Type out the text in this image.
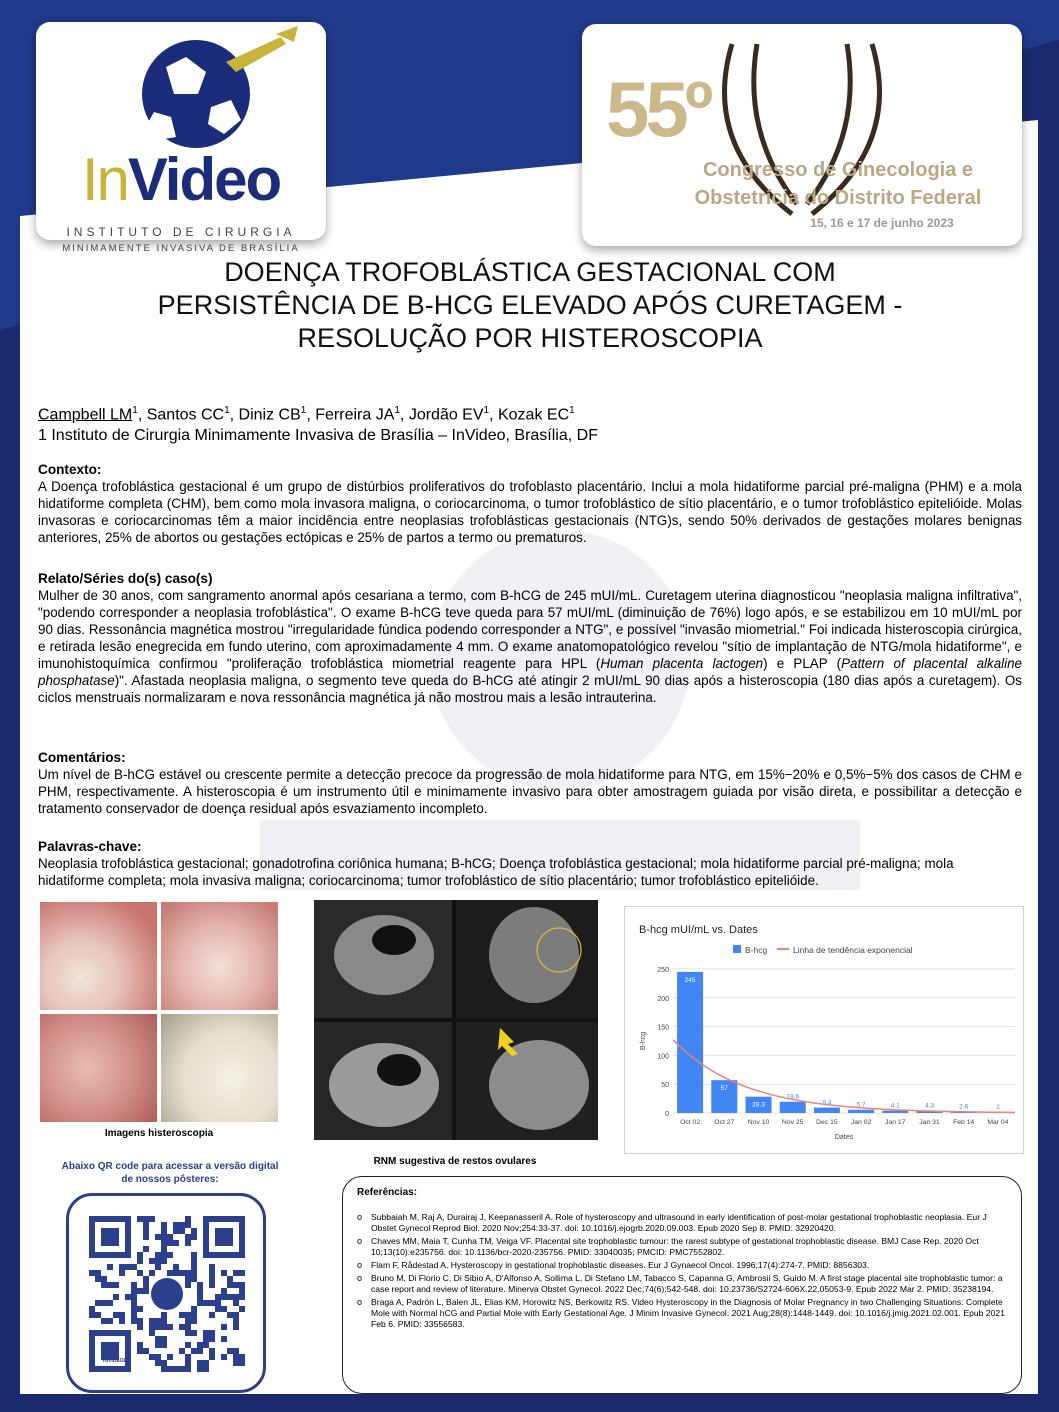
InVideo
INSTITUTO DE CIRURGIA
MINIMAMENTE INVASIVA DE BRASÍLIA
55º
Congresso de Ginecologia e
Obstetrícia do Distrito Federal
15, 16 e 17 de junho 2023
DOENÇA TROFOBLÁSTICA GESTACIONAL COM
PERSISTÊNCIA DE B-HCG ELEVADO APÓS CURETAGEM -
RESOLUÇÃO POR HISTEROSCOPIA
Campbell $LM^1$, Santos $CC^1$, Diniz $CB^1$, Ferreira $JA^1$, Jordão $EV^1$, Kozak $EC^1$
1 Instituto de Cirurgia Minimamente Invasiva de Brasília – InVideo, Brasília, DF
Contexto:

A Doença trofoblástica gestacional é um grupo de distúrbios proliferativos do trofoblasto placentário. Inclui a mola hidatiforme parcial pré-maligna (PHM) e a mola hidatiforme completa (CHM), bem como mola invasora maligna, o coriocarcinoma, o tumor trofoblástico de sítio placentário, e o tumor trofoblástico epitelióide. Molas invasoras e coriocarcinomas têm a maior incidência entre neoplasias trofoblásticas gestacionais (NTG)s, sendo 50% derivados de gestações molares benignas anteriores, 25% de abortos ou gestações ectópicas e 25% de partos a termo ou prematuros.

Relato/Séries do(s) caso(s)

Mulher de 30 anos, com sangramento anormal após cesariana a termo, com B-hCG de 245 mUI/mL. Curetagem uterina diagnosticou "neoplasia maligna infiltrativa", "podendo corresponder a neoplasia trofoblástica". O exame B-hCG teve queda para 57 mUI/mL (diminuição de 76%) logo após, e se estabilizou em 10 mUI/mL por 90 dias. Ressonância magnética mostrou "irregularidade fúndica podendo corresponder a NTG", e possível "invasão miometrial." Foi indicada histeroscopia cirúrgica, e retirada lesão enegrecida em fundo uterino, com aproximadamente 4 mm. O exame anatomopatológico revelou "sítio de implantação de NTG/mola hidatiforme", e imunohistoquímica confirmou "proliferação trofoblástica miometrial reagente para HPL (Human placenta lactogen) e PLAP (Pattern of placental alkaline phosphatase)". Afastada neoplasia maligna, o segmento teve queda do B-hCG até atingir 2 mUI/mL 90 dias após a histeroscopia (180 dias após a curetagem). Os ciclos menstruais normalizaram e nova ressonância magnética já não mostrou mais a lesão intrauterina.

Comentários:

Um nível de B-hCG estável ou crescente permite a detecção precoce da progressão de mola hidatiforme para NTG, em 15%−20% e 0,5%−5% dos casos de CHM e PHM, respectivamente. A histeroscopia é um instrumento útil e minimamente invasivo para obter amostragem guiada por visão direta, e possibilitar a detecção e tratamento conservador de doença residual após esvaziamento incompleto.

Palavras-chave:

Neoplasia trofoblástica gestacional; gonadotrofina coriônica humana; B-hCG; Doença trofoblástica gestacional; mola hidatiforme parcial pré-maligna; mola hidatiforme completa; mola invasiva maligna; coriocarcinoma; tumor trofoblástico de sítio placentário; tumor trofoblástico epitelióide.

Imagens histeroscopia
RNM sugestiva de restos ovulares
B-hcg mUI/mL vs. Dates
B-hcg	Linha de tendência exponencial
0
50
100
150
200
250
B-hcg
245
Oct 02
57
Oct 27
28.3
Nov 10
19.6
Nov 25
9.4
Dec 15
5.7
Jan 02
4.1
Jan 17
4.3
Jan 31
2.6
Feb 14
2
Mar 04
Dates
Abaixo QR code para acessar a versão digital de nossos pôsteres:
INVIDEODF
Referências:
o Subbaiah M, Raj A, Durairaj J, Keepanasseril A. Role of hysteroscopy and ultrasound in early identification of post-molar gestational trophoblastic neoplasia. Eur J Obstet Gynecol Reprod Biol. 2020 Nov;254:33-37. doi: 10.1016/j.ejogrb.2020.09.003. Epub 2020 Sep 8. PMID: 32920420.
o Chaves MM, Maia T, Cunha TM, Veiga VF. Placental site trophoblastic tumour: the rarest subtype of gestational trophoblastic disease. BMJ Case Rep. 2020 Oct 10;13(10):e235756. doi: 10.1136/bcr-2020-235756. PMID: 33040035; PMCID: PMC7552802.
o Flam F, Rådestad A. Hysteroscopy in gestational trophoblastic diseases. Eur J Gynaecol Oncol. 1996;17(4):274-7. PMID: 8856303.
o Bruno M, Di Florio C, Di Sibio A, D'Alfonso A, Sollima L, Di Stefano LM, Tabacco S, Capanna G, Ambrosii S, Guido M. A first stage placental site trophoblastic tumor: a case report and review of literature. Minerva Obstet Gynecol. 2022 Dec;74(6):542-548. doi: 10.23736/S2724-606X.22.05053-9. Epub 2022 Mar 2. PMID: 35238194.
o Braga A, Padrón L, Balen JL, Elias KM, Horowitz NS, Berkowitz RS. Video Hysteroscopy in the Diagnosis of Molar Pregnancy in two Challenging Situations: Complete Mole with Normal hCG and Partial Mole with Early Gestational Age. J Minim Invasive Gynecol. 2021 Aug;28(8):1448-1449. doi: 10.1016/j.jmig.2021.02.001. Epub 2021 Feb 6. PMID: 33556583.
